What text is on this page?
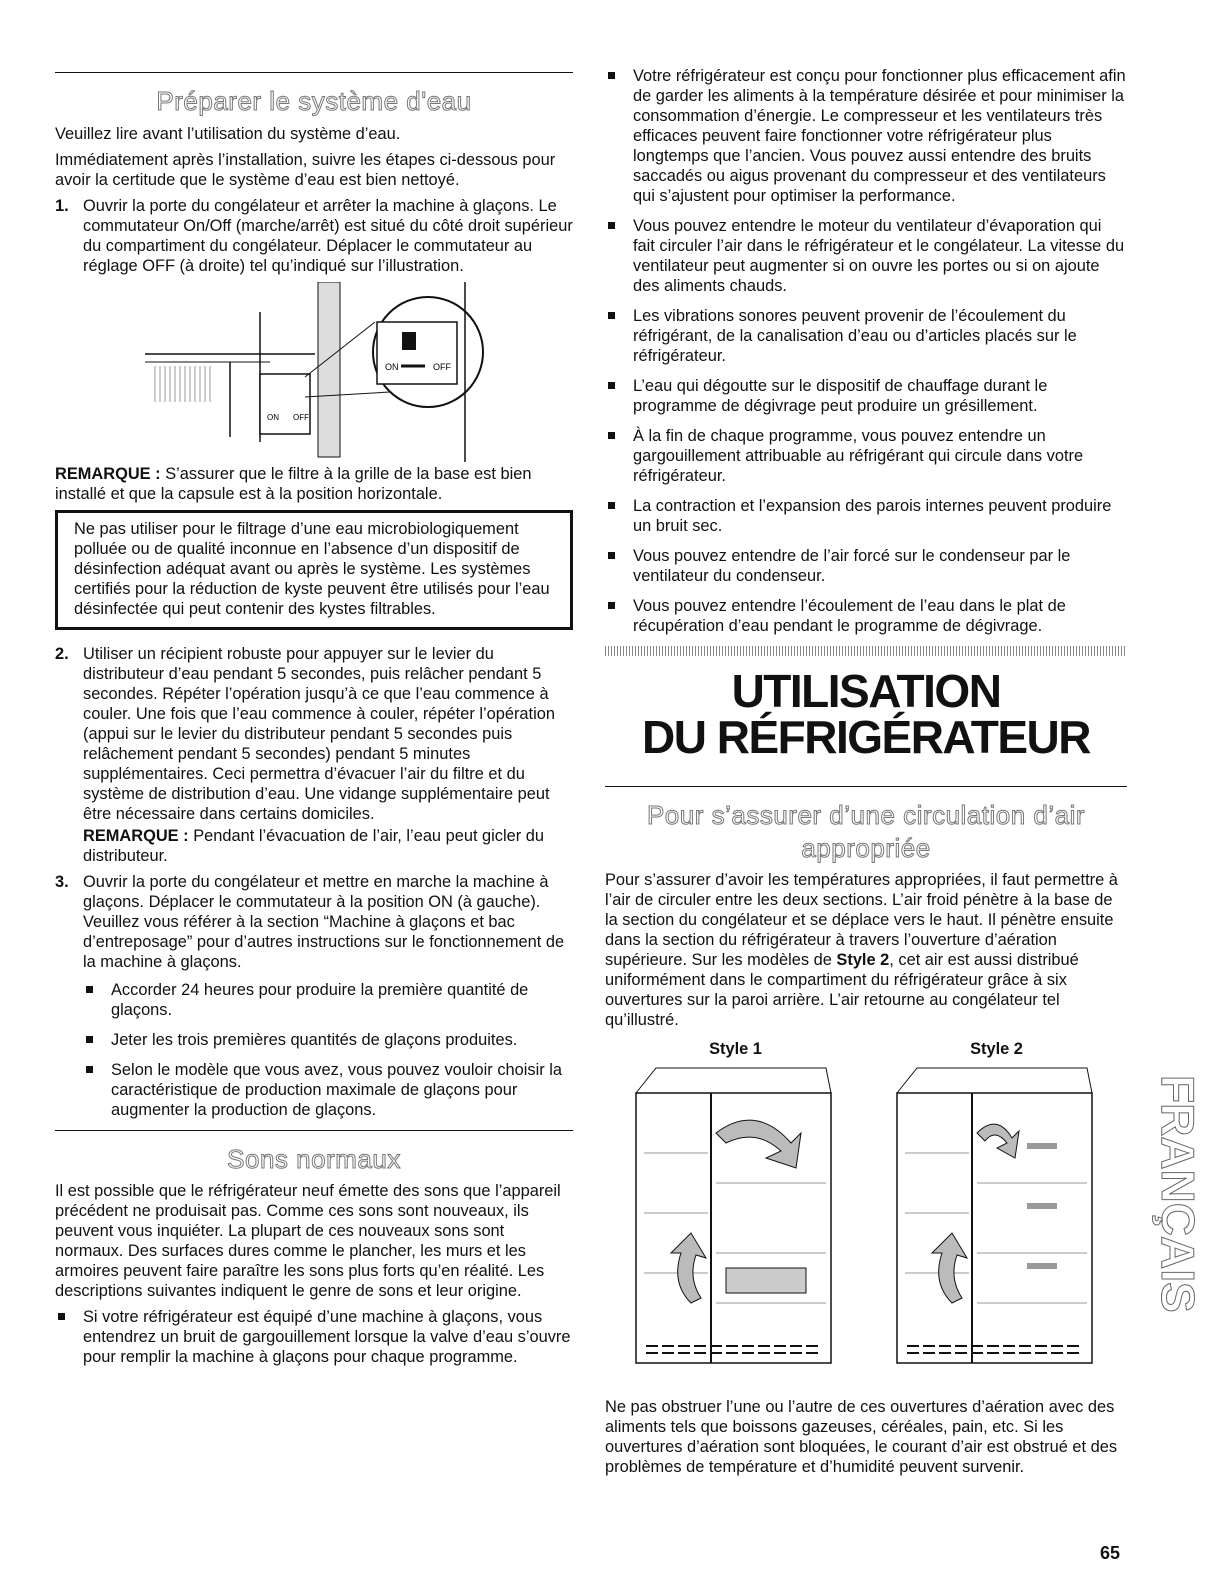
Préparer le système d'eau

Veuillez lire avant l’utilisation du système d’eau.

Immédiatement après l’installation, suivre les étapes ci-dessous pour avoir la certitude que le système d’eau est bien nettoyé.

1. Ouvrir la porte du congélateur et arrêter la machine à glaçons. Le commutateur On/Off (marche/arrêt) est situé du côté droit supérieur du compartiment du congélateur. Déplacer le commutateur au réglage OFF (à droite) tel qu’indiqué sur l’illustration.
ON OFF
ON	OFF

REMARQUE : S’assurer que le filtre à la grille de la base est bien installé et que la capsule est à la position horizontale.

Ne pas utiliser pour le filtrage d’une eau microbiologiquement polluée ou de qualité inconnue en l’absence d’un dispositif de désinfection adéquat avant ou après le système. Les systèmes certifiés pour la réduction de kyste peuvent être utilisés pour l’eau désinfectée qui peut contenir des kystes filtrables.
2. Utiliser un récipient robuste pour appuyer sur le levier du distributeur d’eau pendant 5 secondes, puis relâcher pendant 5 secondes. Répéter l’opération jusqu’à ce que l’eau commence à couler. Une fois que l’eau commence à couler, répéter l’opération (appui sur le levier du distributeur pendant 5 secondes puis relâchement pendant 5 secondes) pendant 5 minutes supplémentaires. Ceci permettra d’évacuer l’air du filtre et du système de distribution d’eau. Une vidange supplémentaire peut être nécessaire dans certains domiciles.
REMARQUE : Pendant l’évacuation de l’air, l’eau peut gicler du distributeur.
3. Ouvrir la porte du congélateur et mettre en marche la machine à glaçons. Déplacer le commutateur à la position ON (à gauche). Veuillez vous référer à la section “Machine à glaçons et bac d’entreposage” pour d’autres instructions sur le fonctionnement de la machine à glaçons.
Accorder 24 heures pour produire la première quantité de glaçons.
Jeter les trois premières quantités de glaçons produites.
Selon le modèle que vous avez, vous pouvez vouloir choisir la caractéristique de production maximale de glaçons pour augmenter la production de glaçons.
Sons normaux

Il est possible que le réfrigérateur neuf émette des sons que l’appareil précédent ne produisait pas. Comme ces sons sont nouveaux, ils peuvent vous inquiéter. La plupart de ces nouveaux sons sont normaux. Des surfaces dures comme le plancher, les murs et les armoires peuvent faire paraître les sons plus forts qu’en réalité. Les descriptions suivantes indiquent le genre de sons et leur origine.

Si votre réfrigérateur est équipé d’une machine à glaçons, vous entendrez un bruit de gargouillement lorsque la valve d’eau s’ouvre pour remplir la machine à glaçons pour chaque programme.
Votre réfrigérateur est conçu pour fonctionner plus efficacement afin de garder les aliments à la température désirée et pour minimiser la consommation d’énergie. Le compresseur et les ventilateurs très efficaces peuvent faire fonctionner votre réfrigérateur plus longtemps que l’ancien. Vous pouvez aussi entendre des bruits saccadés ou aigus provenant du compresseur et des ventilateurs qui s’ajustent pour optimiser la performance.
Vous pouvez entendre le moteur du ventilateur d’évaporation qui fait circuler l’air dans le réfrigérateur et le congélateur. La vitesse du ventilateur peut augmenter si on ouvre les portes ou si on ajoute des aliments chauds.
Les vibrations sonores peuvent provenir de l’écoulement du réfrigérant, de la canalisation d’eau ou d’articles placés sur le réfrigérateur.
L’eau qui dégoutte sur le dispositif de chauffage durant le programme de dégivrage peut produire un grésillement.
À la fin de chaque programme, vous pouvez entendre un gargouillement attribuable au réfrigérant qui circule dans votre réfrigérateur.
La contraction et l’expansion des parois internes peuvent produire un bruit sec.
Vous pouvez entendre de l’air forcé sur le condenseur par le ventilateur du condenseur.
Vous pouvez entendre l’écoulement de l’eau dans le plat de récupération d’eau pendant le programme de dégivrage.
UTILISATION
DU RÉFRIGÉRATEUR
Pour s’assurer d’une circulation d’air appropriée

Pour s’assurer d’avoir les températures appropriées, il faut permettre à l’air de circuler entre les deux sections. L’air froid pénètre à la base de la section du congélateur et se déplace vers le haut. Il pénètre ensuite dans la section du réfrigérateur à travers l’ouverture d’aération supérieure. Sur les modèles de Style 2, cet air est aussi distribué uniformément dans le compartiment du réfrigérateur grâce à six ouvertures sur la paroi arrière. L’air retourne au congélateur tel qu’illustré.

Style 1	Style 2

Ne pas obstruer l’une ou l’autre de ces ouvertures d’aération avec des aliments tels que boissons gazeuses, céréales, pain, etc. Si les ouvertures d’aération sont bloquées, le courant d’air est obstrué et des problèmes de température et d’humidité peuvent survenir.

FRANÇAIS
65
